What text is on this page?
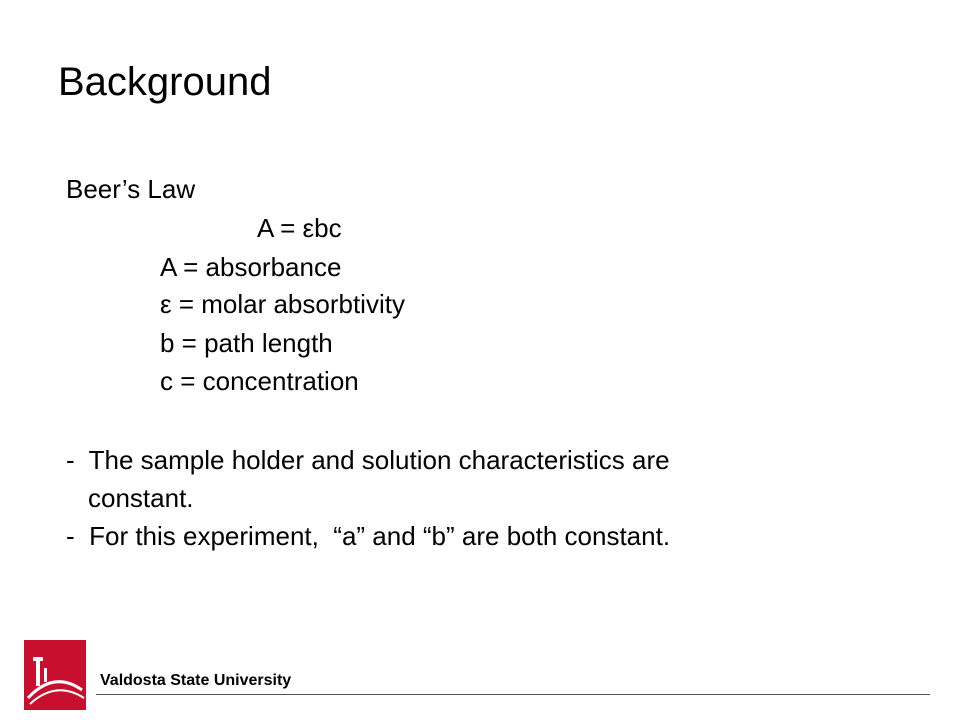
Background
Beer’s Law
A = εbc
A = absorbance
ε = molar absorbtivity
b = path length
c = concentration
-  The sample holder and solution characteristics are
constant.
-  For this experiment,  “a” and “b” are both constant.
Valdosta State University
